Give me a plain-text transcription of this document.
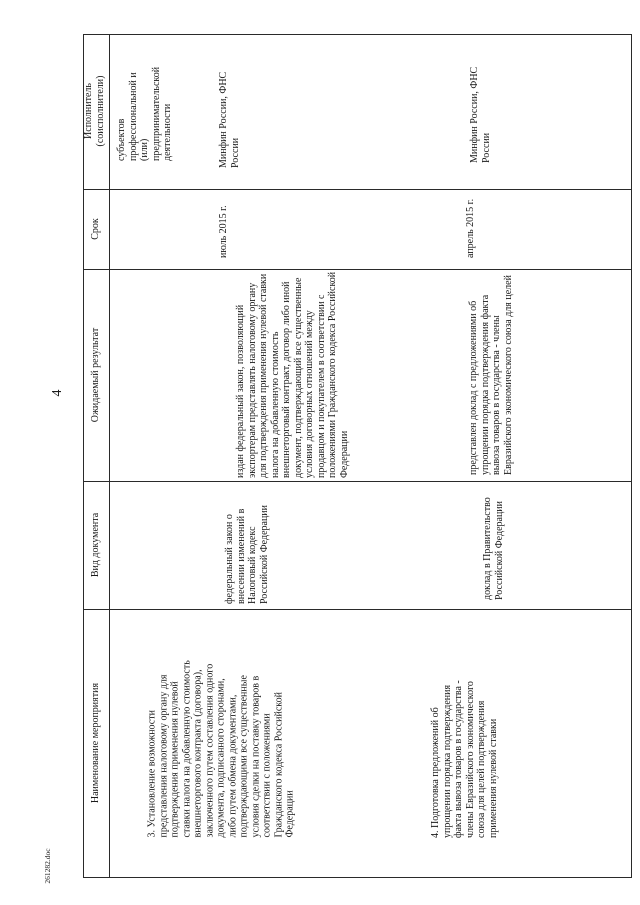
4
261282.doc
Наименование мероприятия
Вид документа
Ожидаемый результат
Срок
Исполнитель
(соисполнители) субъектов профессиональной и (или) предпринимательской деятельности
3. Установление возможности представления налоговому органу для подтверждения применения нулевой ставки налога на добавленную стоимость внешнеторгового контракта (договора), заключенного путем составления одного документа, подписанного сторонами, либо путем обмена документами, подтверждающими все существенные условия сделки на поставку товаров в соответствии с положениями Гражданского кодекса Российской Федерации
федеральный закон о внесении изменений в Налоговый кодекс Российской Федерации
издан федеральный закон, позволяющий экспортерам представлять налоговому органу для подтверждения применения нулевой ставки налога на добавленную стоимость внешнеторговый контракт, договор либо иной документ, подтверждающий все существенные условия договорных отношений между продавцом и покупателем в соответствии с положениями Гражданского кодекса Российской Федерации
июль 2015 г.
Минфин России, ФНС России
4. Подготовка предложений об упрощении порядка подтверждения факта вывоза товаров в государства - члены Евразийского экономического союза для целей подтверждения применения нулевой ставки
доклад в Правительство Российской Федерации
представлен доклад с предложениями об упрощении порядка подтверждения факта вывоза товаров в государства - члены Евразийского экономического союза для целей
апрель 2015 г.
Минфин России, ФНС России
